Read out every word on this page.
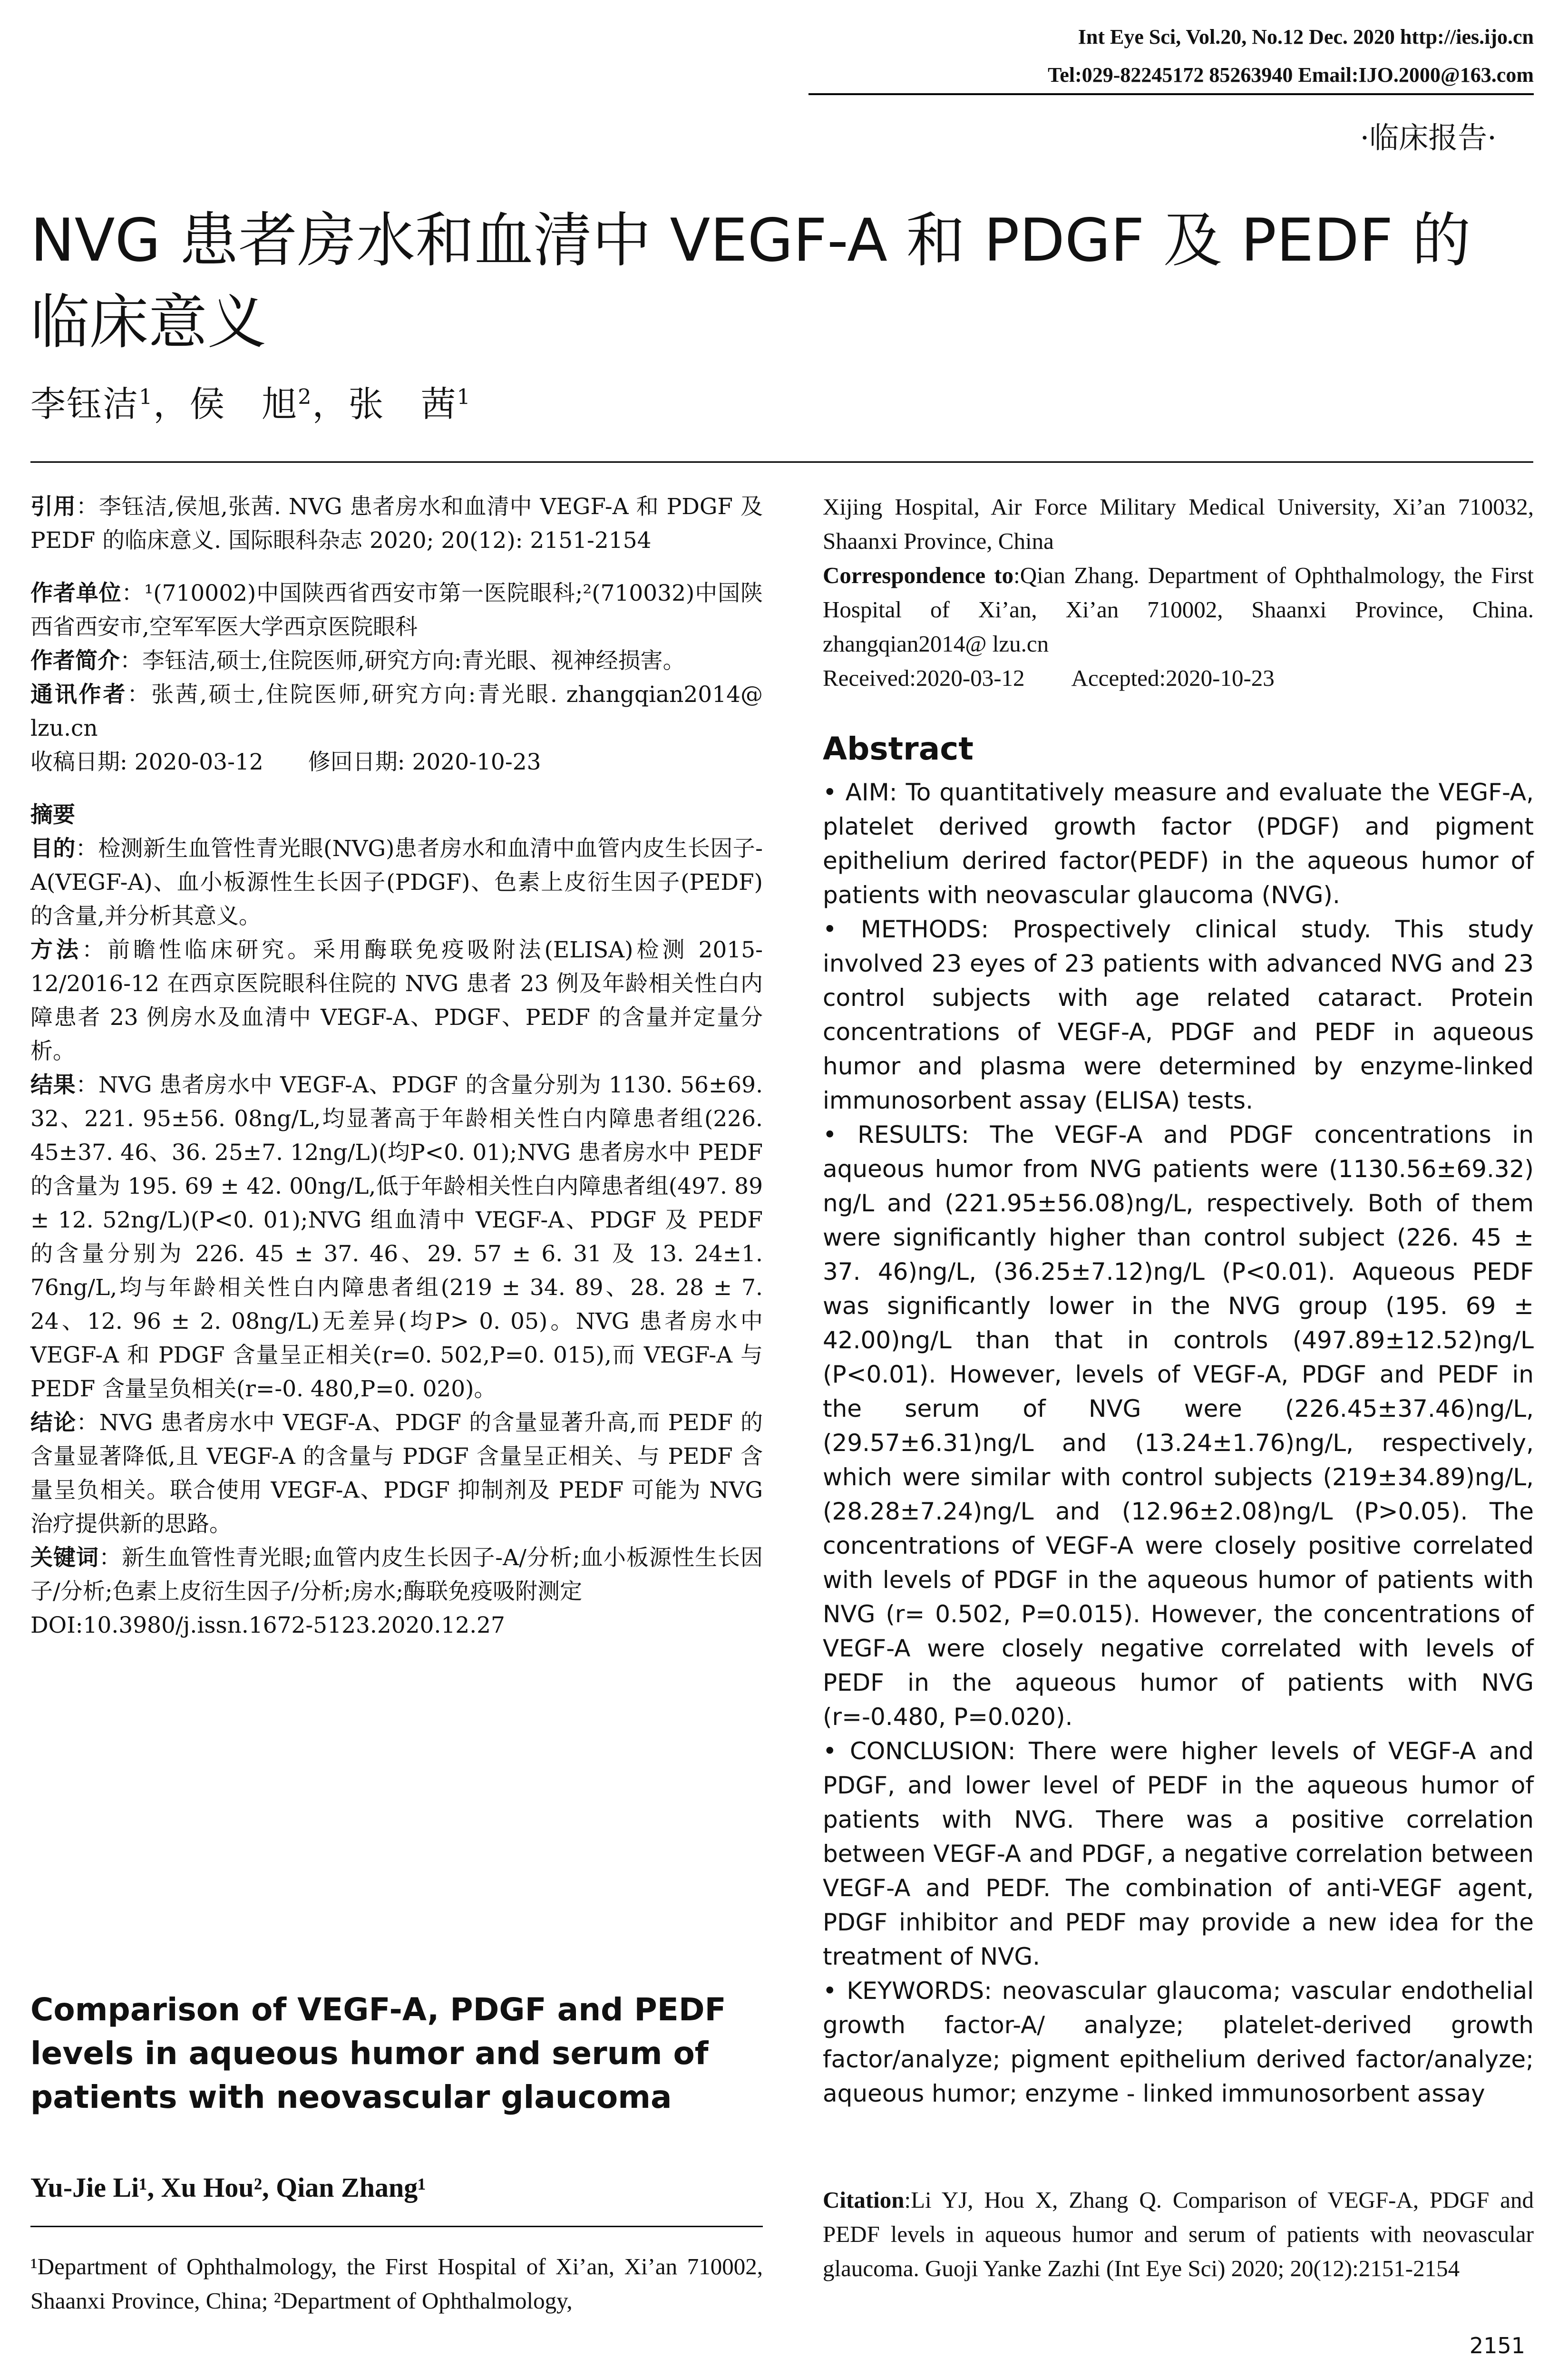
Int Eye Sci, Vol.20, No.12 Dec. 2020 http://ies.ijo.cn
Tel:029-82245172 85263940 Email:IJO.2000@163.com
·临床报告·
NVG 患者房水和血清中 VEGF-A 和 PDGF 及 PEDF 的
临床意义
李钰洁$^1$，侯　旭$^2$，张　茜$^1$

引用：李钰洁,侯旭,张茜. NVG 患者房水和血清中 VEGF-A 和 PDGF 及 PEDF 的临床意义. 国际眼科杂志 2020; 20(12): 2151-2154

作者单位：¹(710002)中国陕西省西安市第一医院眼科;²(710032)中国陕西省西安市,空军军医大学西京医院眼科

作者简介：李钰洁,硕士,住院医师,研究方向:青光眼、视神经损害。

通讯作者：张茜,硕士,住院医师,研究方向:青光眼. zhangqian2014@ lzu.cn

收稿日期: 2020-03-12　　修回日期: 2020-10-23

摘要

目的：检测新生血管性青光眼(NVG)患者房水和血清中血管内皮生长因子-A(VEGF-A)、血小板源性生长因子(PDGF)、色素上皮衍生因子(PEDF)的含量,并分析其意义。

方法：前瞻性临床研究。采用酶联免疫吸附法(ELISA)检测 2015-12/2016-12 在西京医院眼科住院的 NVG 患者 23 例及年龄相关性白内障患者 23 例房水及血清中 VEGF-A、PDGF、PEDF 的含量并定量分析。

结果：NVG 患者房水中 VEGF-A、PDGF 的含量分别为 1130. 56±69. 32、221. 95±56. 08ng/L,均显著高于年龄相关性白内障患者组(226. 45±37. 46、36. 25±7. 12ng/L)(均P<0. 01);NVG 患者房水中 PEDF 的含量为 195. 69 ± 42. 00ng/L,低于年龄相关性白内障患者组(497. 89 ± 12. 52ng/L)(P<0. 01);NVG 组血清中 VEGF-A、PDGF 及 PEDF 的含量分别为 226. 45 ± 37. 46、29. 57 ± 6. 31 及 13. 24±1. 76ng/L,均与年龄相关性白内障患者组(219 ± 34. 89、28. 28 ± 7. 24、12. 96 ± 2. 08ng/L)无差异(均P> 0. 05)。NVG 患者房水中 VEGF-A 和 PDGF 含量呈正相关(r=0. 502,P=0. 015),而 VEGF-A 与 PEDF 含量呈负相关(r=-0. 480,P=0. 020)。

结论：NVG 患者房水中 VEGF-A、PDGF 的含量显著升高,而 PEDF 的含量显著降低,且 VEGF-A 的含量与 PDGF 含量呈正相关、与 PEDF 含量呈负相关。联合使用 VEGF-A、PDGF 抑制剂及 PEDF 可能为 NVG 治疗提供新的思路。

关键词：新生血管性青光眼;血管内皮生长因子-A/分析;血小板源性生长因子/分析;色素上皮衍生因子/分析;房水;酶联免疫吸附测定

DOI:10.3980/j.issn.1672-5123.2020.12.27

Comparison of VEGF-A, PDGF and PEDF levels in aqueous humor and serum of patients with neovascular glaucoma
Yu-Jie Li¹, Xu Hou², Qian Zhang¹
¹Department of Ophthalmology, the First Hospital of Xi’an, Xi’an 710002, Shaanxi Province, China; ²Department of Ophthalmology,

Xijing Hospital, Air Force Military Medical University, Xi’an 710032, Shaanxi Province, China

Correspondence to:Qian Zhang. Department of Ophthalmology, the First Hospital of Xi’an, Xi’an 710002, Shaanxi Province, China. zhangqian2014@ lzu.cn

Received:2020-03-12　　Accepted:2020-10-23

Abstract

• AIM: To quantitatively measure and evaluate the VEGF-A, platelet derived growth factor (PDGF) and pigment epithelium derired factor(PEDF) in the aqueous humor of patients with neovascular glaucoma (NVG).

• METHODS: Prospectively clinical study. This study involved 23 eyes of 23 patients with advanced NVG and 23 control subjects with age related cataract. Protein concentrations of VEGF-A, PDGF and PEDF in aqueous humor and plasma were determined by enzyme-linked immunosorbent assay (ELISA) tests.

• RESULTS: The VEGF-A and PDGF concentrations in aqueous humor from NVG patients were (1130.56±69.32) ng/L and (221.95±56.08)ng/L, respectively. Both of them were significantly higher than control subject (226. 45 ± 37. 46)ng/L, (36.25±7.12)ng/L (P<0.01). Aqueous PEDF was significantly lower in the NVG group (195. 69 ± 42.00)ng/L than that in controls (497.89±12.52)ng/L (P<0.01). However, levels of VEGF-A, PDGF and PEDF in the serum of NVG were (226.45±37.46)ng/L, (29.57±6.31)ng/L and (13.24±1.76)ng/L, respectively, which were similar with control subjects (219±34.89)ng/L, (28.28±7.24)ng/L and (12.96±2.08)ng/L (P>0.05). The concentrations of VEGF-A were closely positive correlated with levels of PDGF in the aqueous humor of patients with NVG (r= 0.502, P=0.015). However, the concentrations of VEGF-A were closely negative correlated with levels of PEDF in the aqueous humor of patients with NVG (r=-0.480, P=0.020).

• CONCLUSION: There were higher levels of VEGF-A and PDGF, and lower level of PEDF in the aqueous humor of patients with NVG. There was a positive correlation between VEGF-A and PDGF, a negative correlation between VEGF-A and PEDF. The combination of anti-VEGF agent, PDGF inhibitor and PEDF may provide a new idea for the treatment of NVG.

• KEYWORDS: neovascular glaucoma; vascular endothelial growth factor-A/ analyze; platelet-derived growth factor/analyze; pigment epithelium derived factor/analyze; aqueous humor; enzyme - linked immunosorbent assay

Citation:Li YJ, Hou X, Zhang Q. Comparison of VEGF-A, PDGF and PEDF levels in aqueous humor and serum of patients with neovascular glaucoma. Guoji Yanke Zazhi (Int Eye Sci) 2020; 20(12):2151-2154

2151
